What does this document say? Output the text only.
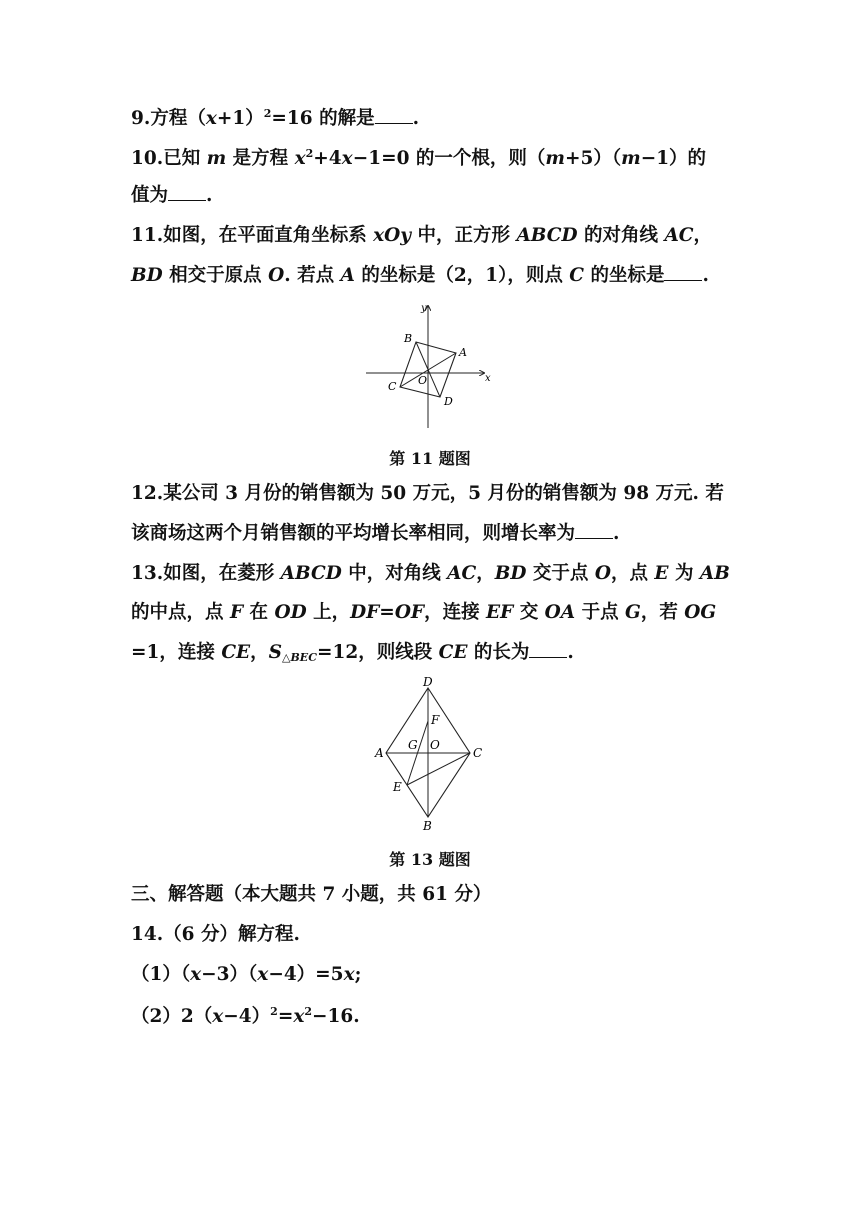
9.方程$(x+1)^2=16$ 的解是 .
10.已知 m 是方程 $x^2+4x-1=0$ 的一个根，则（m+5）（m−1）的
值为 .
11.如图，在平面直角坐标系 xOy 中，正方形 ABCD 的对角线 AC，
BD 相交于原点 O. 若点 A 的坐标是（2，1），则点 C 的坐标是 .
y
x
A
B
C
D
O
第 11 题图
12.某公司 3 月份的销售额为 50 万元，5 月份的销售额为 98 万元. 若
该商场这两个月销售额的平均增长率相同，则增长率为 .
13.如图，在菱形 ABCD 中，对角线 AC，BD 交于点 O，点 E 为 AB
的中点，点 F 在 OD 上，DF=OF，连接 EF 交 OA 于点 G，若 OG
=1，连接 CE，$S_{\triangle BEC}=12$，则线段 CE 的长为 .
D
F
G O
A	C
E
B
第 13 题图
三、解答题（本大题共 7 小题，共 61 分）
14.（6 分）解方程.
（1）（x−3）（x−4）=5x;
$(2)2(x-4)^2=x^2-16$.
